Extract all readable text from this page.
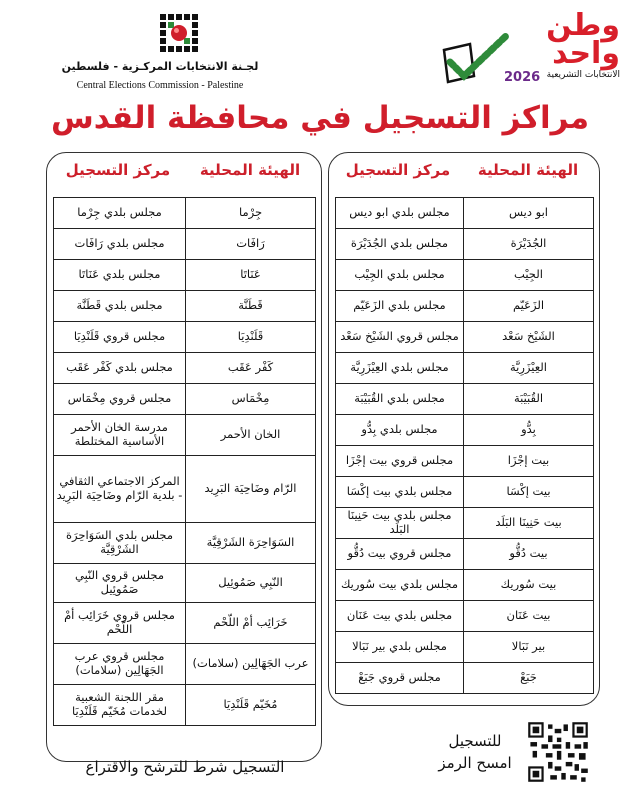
لجـنة الانتخابات المركـزية - فلسطين
Central Elections Commission - Palestine
وطن
واحد
2026 الانتخابات التشريعية
مراكز التسجيل في محافظة القدس
الهيئة المحلية
مركز التسجيل
مجلس بلدي ابو ديس	ابو ديس
مجلس بلدي الجُدَيْرَة	الجُدَيْرَة
مجلس بلدي الجِيْب	الجِيْب
مجلس بلدي الزَعَيّم	الزَعَيّم
مجلس قروي الشَيْخ سَعْد	الشَيْخ سَعْد
مجلس بلدي العِيْزَرِيَّة	العِيْزَرِيَّة
مجلس بلدي القُبَيْبَة	القُبَيْبَة
مجلس بلدي بِدُّو	بِدُّو
مجلس قروي بيت إجْزَا	بيت إجْزَا
مجلس بلدي بيت إكْسَا	بيت إكْسَا
مجلس بلدي بيت حَنِينَا البَلَد	بيت حَنِينَا البَلَد
مجلس قروي بيت دُقُّو	بيت دُقُّو
مجلس بلدي بيت سُوريك	بيت سُوريك
مجلس بلدي بيت عَنَان	بيت عَنَان
مجلس بلدي بير نَبَالا	بير نَبَالا
مجلس قروي جَبَعْ	جَبَعْ
الهيئة المحلية
مركز التسجيل
مجلس بلدي جِرْما	جِرْما
مجلس بلدي رَافَات	رَافَات
مجلس بلدي عَنَاتَا	عَنَاتَا
مجلس بلدي قَطَنَّة	قَطَنَّة
مجلس قروي قَلَنْدِيَا	قَلَنْدِيَا
مجلس بلدي كَفْر عَقَب	كَفْر عَقَب
مجلس قروي مِخْمَاس	مِخْمَاس
مدرسة الخان الأحمر الأساسية المختلطة	الخان الأحمر
المركز الاجتماعي الثقافي - بلدية الرّام وضَاحِيَة البَرِيد	الرّام وضَاحِيَة البَرِيد
مجلس بلدي السَوَاحِرَة الشَرْقِيَّة	السَوَاحِرَة الشَرْقِيَّة
مجلس قروي النّبِي صَمُوئِيل	النّبِي صَمُوئِيل
مجلس قروي خَرَائِب أمْ اللّحْم	خَرَائِب أمْ اللّحْم
مجلس قروي عرب الجَهَالِين (سلامات)	عرب الجَهَالِين (سلامات)
مقر اللجنة الشعبية لخدمات مُخَيّم قَلَنْدِيَا	مُخَيّم قَلَنْدِيَا
التسجيل شرط للترشح والاقتراع
للتسجيل
امسح الرمز
